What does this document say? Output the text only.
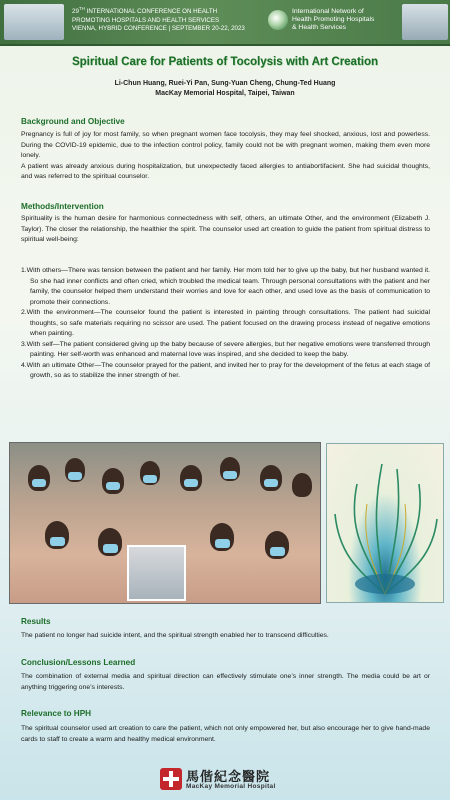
29TH INTERNATIONAL CONFERENCE ON HEALTH
PROMOTING HOSPITALS AND HEALTH SERVICES
VIENNA, HYBRID CONFERENCE | SEPTEMBER 20-22, 2023
International Network of
Health Promoting Hospitals
& Health Services
Spiritual Care for Patients of Tocolysis with Art Creation
Li-Chun Huang, Ruei-Yi Pan, Sung-Yuan Cheng, Chung-Ted Huang
MacKay Memorial Hospital, Taipei, Taiwan
Background and Objective

Pregnancy is full of joy for most family, so when pregnant women face tocolysis, they may feel shocked, anxious, lost and powerless. During the COVID-19 epidemic, due to the infection control policy, family could not be with pregnant women, making them even more lonely.

A patient was already anxious during hospitalization, but unexpectedly faced allergies to antiabortifacient. She had suicidal thoughts, and was referred to the spiritual counselor.

Methods/Intervention
Spirituality is the human desire for harmonious connectedness with self, others, an ultimate Other, and the environment (Elizabeth J. Taylor). The closer the relationship, the healthier the spirit. The counselor used art creation to guide the patient from spiritual distress to spiritual well-being:

1.With others—There was tension between the patient and her family. Her mom told her to give up the baby, but her husband wanted it. So she had inner conflicts and often cried, which troubled the medical team. Through personal consultations with the patient and her family, the counselor helped them understand their worries and love for each other, and used love as the basis of communication to promote their connections.

2.With the environment—The counselor found the patient is interested in painting through consultations. The patient had suicidal thoughts, so safe materials requiring no scissor are used. The patient focused on the drawing process instead of negative emotions when painting.

3.With self—The patient considered giving up the baby because of severe allergies, but her negative emotions were transferred through painting. Her self-worth was enhanced and maternal love was inspired, and she decided to keep the baby.

4.With an ultimate Other—The counselor prayed for the patient, and invited her to pray for the development of the fetus at each stage of growth, so as to stabilize the inner strength of her.

Results
The patient no longer had suicide intent, and the spiritual strength enabled her to transcend difficulties.
Conclusion/Lessons Learned
The combination of external media and spiritual direction can effectively stimulate one’s inner strength. The media could be art or anything triggering one’s interests.
Relevance to HPH
The spiritual counselor used art creation to care the patient, which not only empowered her, but also encourage her to give hand-made cards to staff to create a warm and healthy medical environment.
馬偕紀念醫院
MacKay Memorial Hospital
